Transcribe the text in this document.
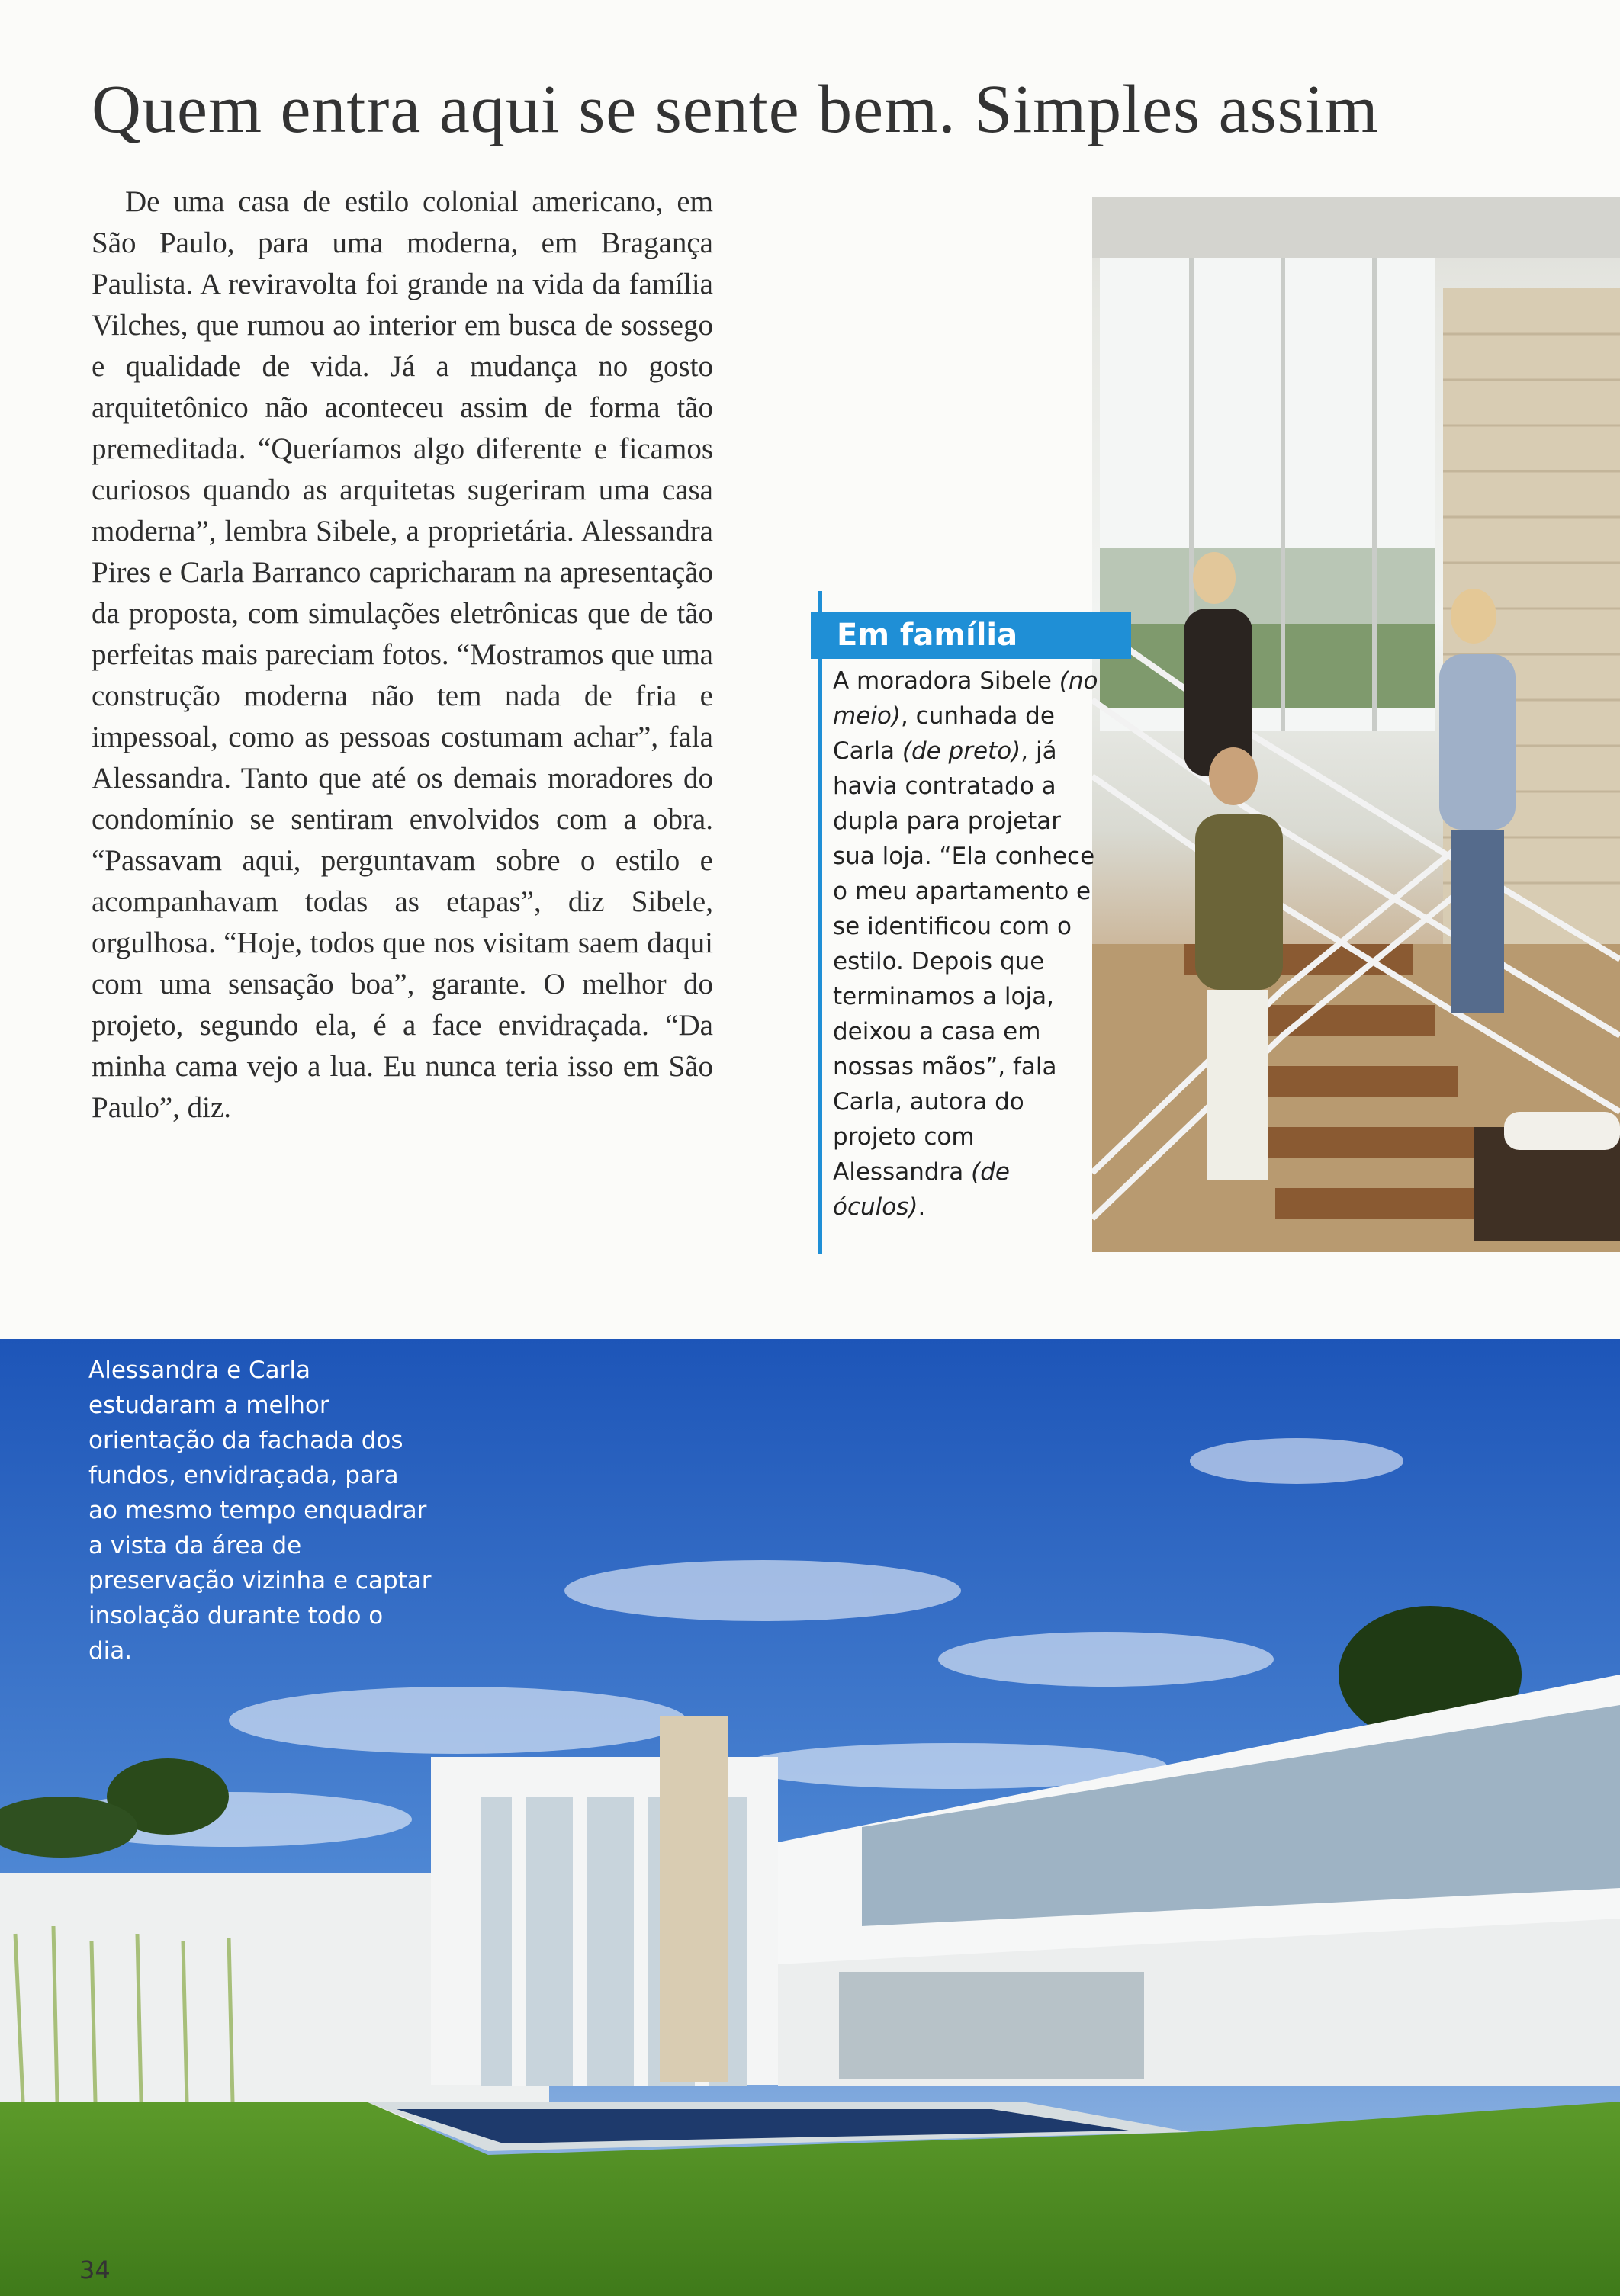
Quem entra aqui se sente bem. Simples assim

De uma casa de estilo colonial americano, em São Paulo, para uma moderna, em Bragança Paulista. A reviravolta foi grande na vida da família Vilches, que rumou ao interior em busca de sossego e qualidade de vida. Já a mudança no gosto arquitetônico não aconteceu assim de forma tão premeditada. “Queríamos algo diferente e ficamos curiosos quando as arquitetas sugeriram uma casa moderna”, lembra Sibele, a proprietária. Alessandra Pires e Carla Barranco capricharam na apresentação da proposta, com simulações eletrônicas que de tão perfeitas mais pareciam fotos. “Mostramos que uma construção moderna não tem nada de fria e impessoal, como as pessoas costumam achar”, fala Alessandra. Tanto que até os demais moradores do condomínio se sentiram envolvidos com a obra. “Passavam aqui, perguntavam sobre o estilo e acompanhavam todas as etapas”, diz Sibele, orgulhosa. “Hoje, todos que nos visitam saem daqui com uma sensação boa”, garante. O melhor do projeto, segundo ela, é a face envidraçada. “Da minha cama vejo a lua. Eu nunca teria isso em São Paulo”, diz.

Em família

A moradora Sibele (no meio), cunhada de Carla (de preto), já havia contratado a dupla para projetar sua loja. “Ela conhece o meu apartamento e se identificou com o estilo. Depois que terminamos a loja, deixou a casa em nossas mãos”, fala Carla, autora do projeto com Alessandra (de óculos).

Alessandra e Carla estudaram a melhor orientação da fachada dos fundos, envidraçada, para ao mesmo tempo enquadrar a vista da área de preservação vizinha e captar insolação durante todo o dia.

34
